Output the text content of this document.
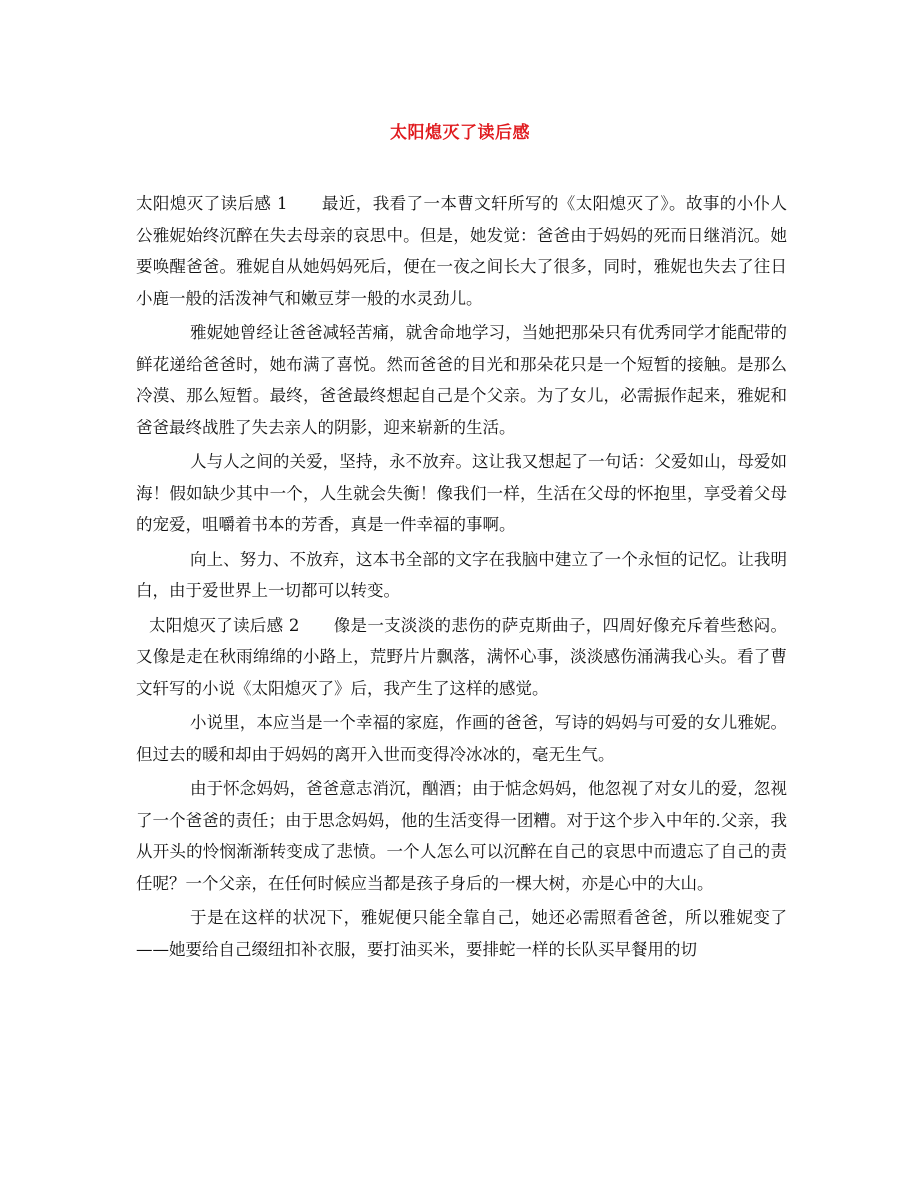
太阳熄灭了读后感

太阳熄灭了读后感 1 最近，我看了一本曹文轩所写的《太阳熄灭了》。故事的小仆人公雅妮始终沉醉在失去母亲的哀思中。但是，她发觉：爸爸由于妈妈的死而日继消沉。她要唤醒爸爸。雅妮自从她妈妈死后，便在一夜之间长大了很多，同时，雅妮也失去了往日小鹿一般的活泼神气和嫩豆芽一般的水灵劲儿。

雅妮她曾经让爸爸减轻苦痛，就舍命地学习，当她把那朵只有优秀同学才能配带的鲜花递给爸爸时，她布满了喜悦。然而爸爸的目光和那朵花只是一个短暂的接触。是那么冷漠、那么短暂。最终，爸爸最终想起自己是个父亲。为了女儿，必需振作起来，雅妮和爸爸最终战胜了失去亲人的阴影，迎来崭新的生活。

人与人之间的关爱，坚持，永不放弃。这让我又想起了一句话：父爱如山，母爱如海！假如缺少其中一个，人生就会失衡！像我们一样，生活在父母的怀抱里，享受着父母的宠爱，咀嚼着书本的芳香，真是一件幸福的事啊。

向上、努力、不放弃，这本书全部的文字在我脑中建立了一个永恒的记忆。让我明白，由于爱世界上一切都可以转变。

太阳熄灭了读后感 2 像是一支淡淡的悲伤的萨克斯曲子，四周好像充斥着些愁闷。又像是走在秋雨绵绵的小路上，荒野片片飘落，满怀心事，淡淡感伤涌满我心头。看了曹文轩写的小说《太阳熄灭了》后，我产生了这样的感觉。

小说里，本应当是一个幸福的家庭，作画的爸爸，写诗的妈妈与可爱的女儿雅妮。但过去的暖和却由于妈妈的离开入世而变得冷冰冰的，毫无生气。

由于怀念妈妈，爸爸意志消沉，酗酒；由于惦念妈妈，他忽视了对女儿的爱，忽视了一个爸爸的责任；由于思念妈妈，他的生活变得一团糟。对于这个步入中年的.父亲，我从开头的怜悯渐渐转变成了悲愤。一个人怎么可以沉醉在自己的哀思中而遗忘了自己的责任呢？一个父亲，在任何时候应当都是孩子身后的一棵大树，亦是心中的大山。

于是在这样的状况下，雅妮便只能全靠自己，她还必需照看爸爸，所以雅妮变了——她要给自己缀纽扣补衣服，要打油买米，要排蛇一样的长队买早餐用的切
